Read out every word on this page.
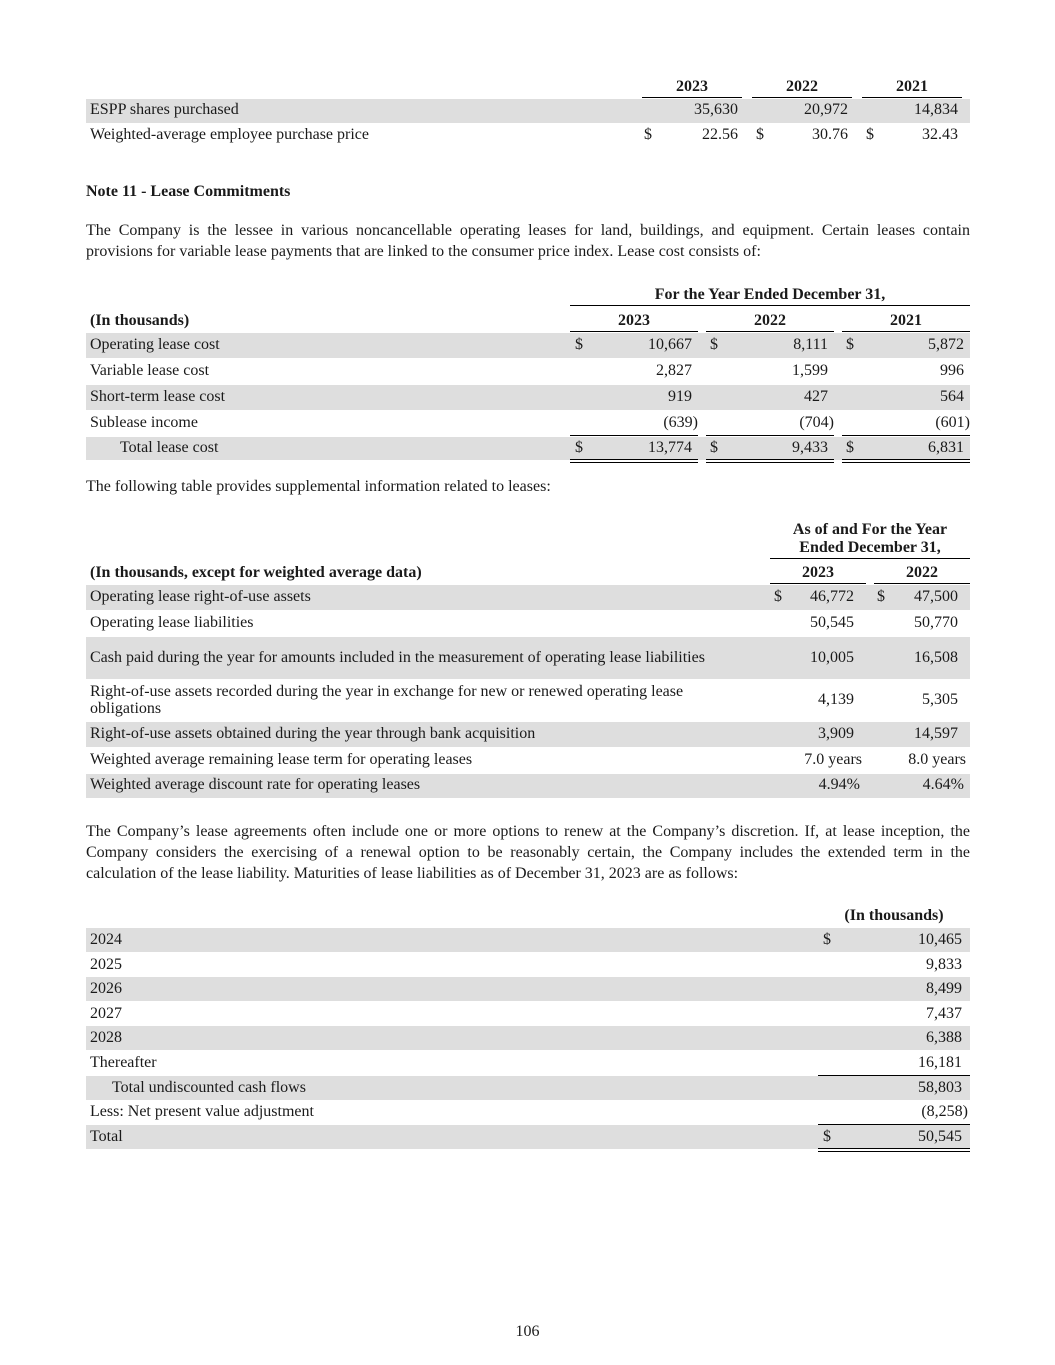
2023	2022	2021
ESPP shares purchased	35,630	20,972	14,834
Weighted-average employee purchase price	$	22.56 $	30.76 $	32.43
Note 11 - Lease Commitments

The Company is the lessee in various noncancellable operating leases for land, buildings, and equipment. Certain leases contain provisions for variable lease payments that are linked to the consumer price index. Lease cost consists of:

For the Year Ended December 31,
(In thousands)	2023	2022	2021
Operating lease cost	$	10,667 $	8,111 $	5,872
Variable lease cost	2,827	1,599	996
Short-term lease cost	919	427	564
Sublease income	(639)	(704)	(601)
Total lease cost	$	13,774 $	9,433 $	6,831

The following table provides supplemental information related to leases:

As of and For the Year
Ended December 31,
(In thousands, except for weighted average data)	2023	2022
Operating lease right-of-use assets	$ 46,772 $ 47,500
Operating lease liabilities	50,545	50,770
Cash paid during the year for amounts included in the measurement of operating lease liabilities	10,005	16,508
Right-of-use assets recorded during the year in exchange for new or renewed operating lease obligations
4,139	5,305
Right-of-use assets obtained during the year through bank acquisition	3,909	14,597
Weighted average remaining lease term for operating leases	7.0 years	8.0 years
Weighted average discount rate for operating leases	4.94%	4.64%

The Company’s lease agreements often include one or more options to renew at the Company’s discretion. If, at lease inception, the Company considers the exercising of a renewal option to be reasonably certain, the Company includes the extended term in the calculation of the lease liability. Maturities of lease liabilities as of December 31, 2023 are as follows:

(In thousands)
2024	$	10,465
2025	9,833
2026	8,499
2027	7,437
2028	6,388
Thereafter	16,181
Total undiscounted cash flows	58,803
Less: Net present value adjustment	(8,258)
Total	$	50,545
106
